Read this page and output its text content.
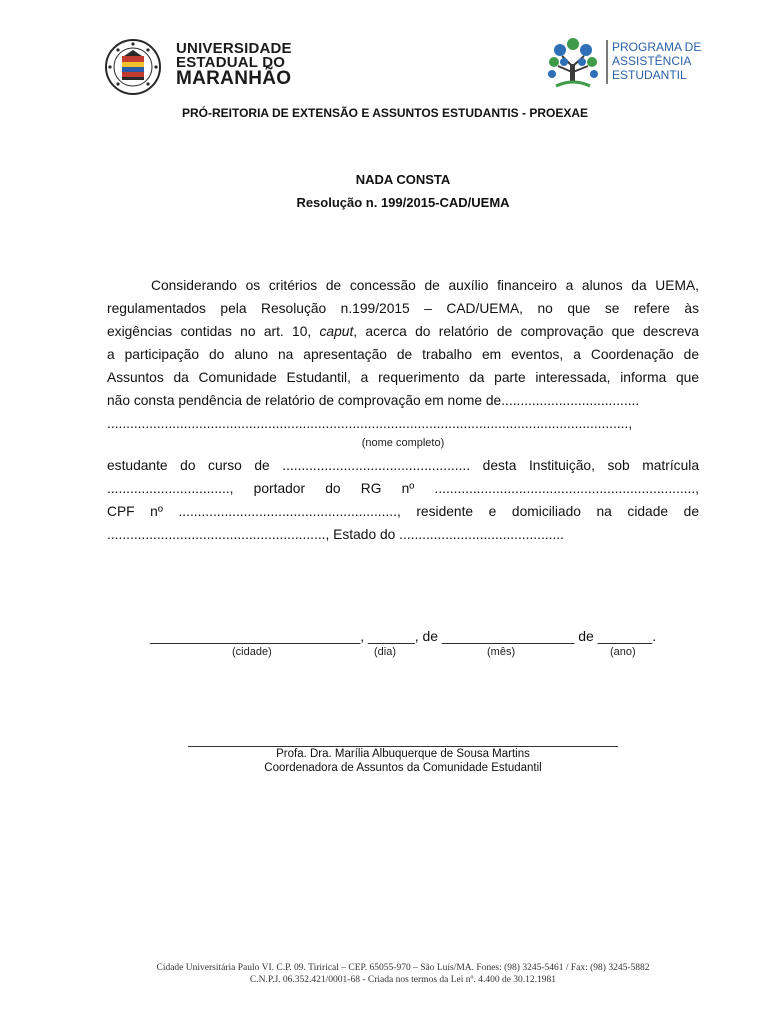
UNIVERSIDADE
ESTADUAL DO
MARANHÃO
PROGRAMA DE
ASSISTÊNCIA
ESTUDANTIL
PRÓ-REITORIA DE EXTENSÃO E ASSUNTOS ESTUDANTIS - PROEXAE
NADA CONSTA
Resolução n. 199/2015-CAD/UEMA
Considerando os critérios de concessão de auxílio financeiro a alunos da UEMA,
regulamentados pela Resolução n.199/2015 – CAD/UEMA, no que se refere às
exigências contidas no art. 10, caput, acerca do relatório de comprovação que descreva
a participação do aluno na apresentação de trabalho em eventos, a Coordenação de
Assuntos da Comunidade Estudantil, a requerimento da parte interessada, informa que
não consta pendência de relatório de comprovação em nome de....................................
........................................................................................................................................,
(nome completo)
estudante do curso de ................................................. desta Instituição, sob matrícula
................................, portador do RG nº ....................................................................,
CPF nº ........................................................., residente e domiciliado na cidade de
........................................................., Estado do ...........................................
___________________________, ______, de _________________ de _______.
(cidade)	(dia)	(mês)	(ano)
Profa. Dra. Marília Albuquerque de Sousa Martins
Coordenadora de Assuntos da Comunidade Estudantil
Cidade Universitária Paulo VI. C.P. 09. Tirirical – CEP. 65055-970 – São Luís/MA. Fones: (98) 3245-5461 / Fax: (98) 3245-5882
C.N.P.J. 06.352.421/0001-68 - Criada nos termos da Lei nº. 4.400 de 30.12.1981
